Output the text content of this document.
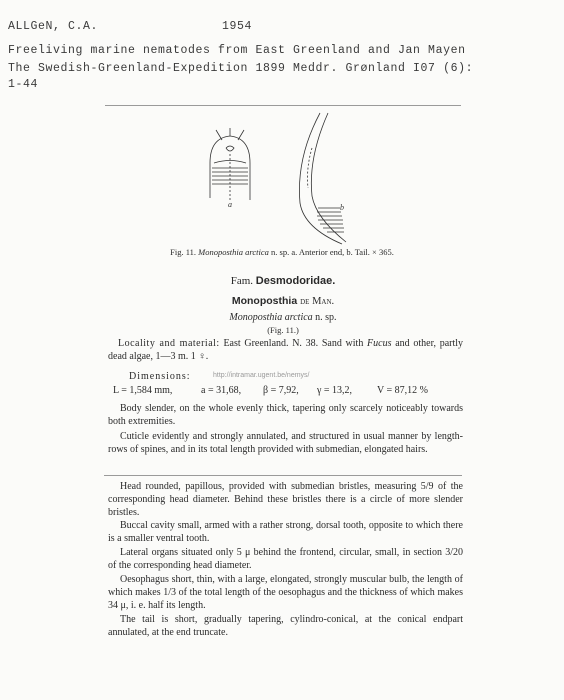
ALLGeN, C.A.	1954
Freeliving marine nematodes from East Greenland and Jan Mayen
The Swedish-Greenland-Expedition 1899 Meddr. Grønland I07 (6):
1-44
a	b
Fig. 11. Monoposthia arctica n. sp. a. Anterior end, b. Tail. × 365.
Fam. Desmodoridae.
Monoposthia de Man.
Monoposthia arctica n. sp.
(Fig. 11.)
 Locality and material: East Greenland. N. 38. Sand with Fucus and other, partly dead algae, 1—3 m. 1 ♀.
Dimensions:	http://intramar.ugent.be/nemys/
L = 1,584 mm,	a = 31,68, β = 7,92, γ = 13,2, V = 87,12 %
Body slender, on the whole evenly thick, tapering only scarcely noticeably towards both extremities.
Cuticle evidently and strongly annulated, and structured in usual manner by length-rows of spines, and in its total length provided with submedian, elongated hairs.
Head rounded, papillous, provided with submedian bristles, measuring 5/9 of the corresponding head diameter. Behind these bristles there is a circle of more slender bristles.
Buccal cavity small, armed with a rather strong, dorsal tooth, opposite to which there is a smaller ventral tooth.
Lateral organs situated only 5 μ behind the frontend, circular, small, in section 3/20 of the corresponding head diameter.
Oesophagus short, thin, with a large, elongated, strongly muscular bulb, the length of which makes 1/3 of the total length of the oesophagus and the thickness of which makes 34 μ, i. e. half its length.
The tail is short, gradually tapering, cylindro-conical, at the conical endpart annulated, at the end truncate.
